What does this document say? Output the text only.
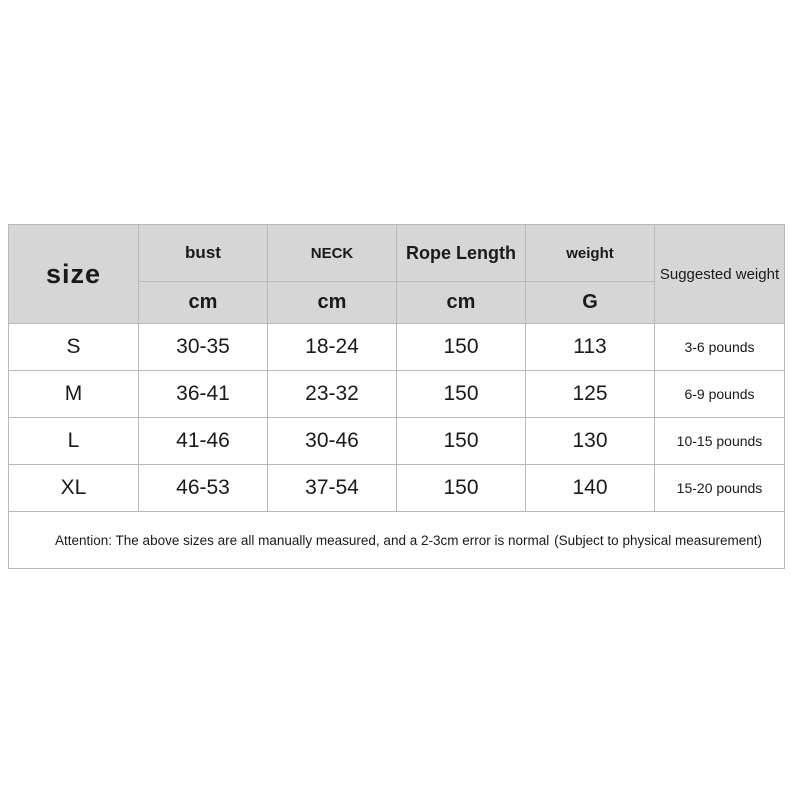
size	bust	NECK	Rope Length	weight	Suggested weight
	cm	cm	cm	G	
S	30-35	18-24	150	113	3-6 pounds
M	36-41	23-32	150	125	6-9 pounds
L	41-46	30-46	150	130	10-15 pounds
XL	46-53	37-54	150	140	15-20 pounds

Attention: The above sizes are all manually measured, and a 2-3cm error is normal (Subject to physical measurement)					
